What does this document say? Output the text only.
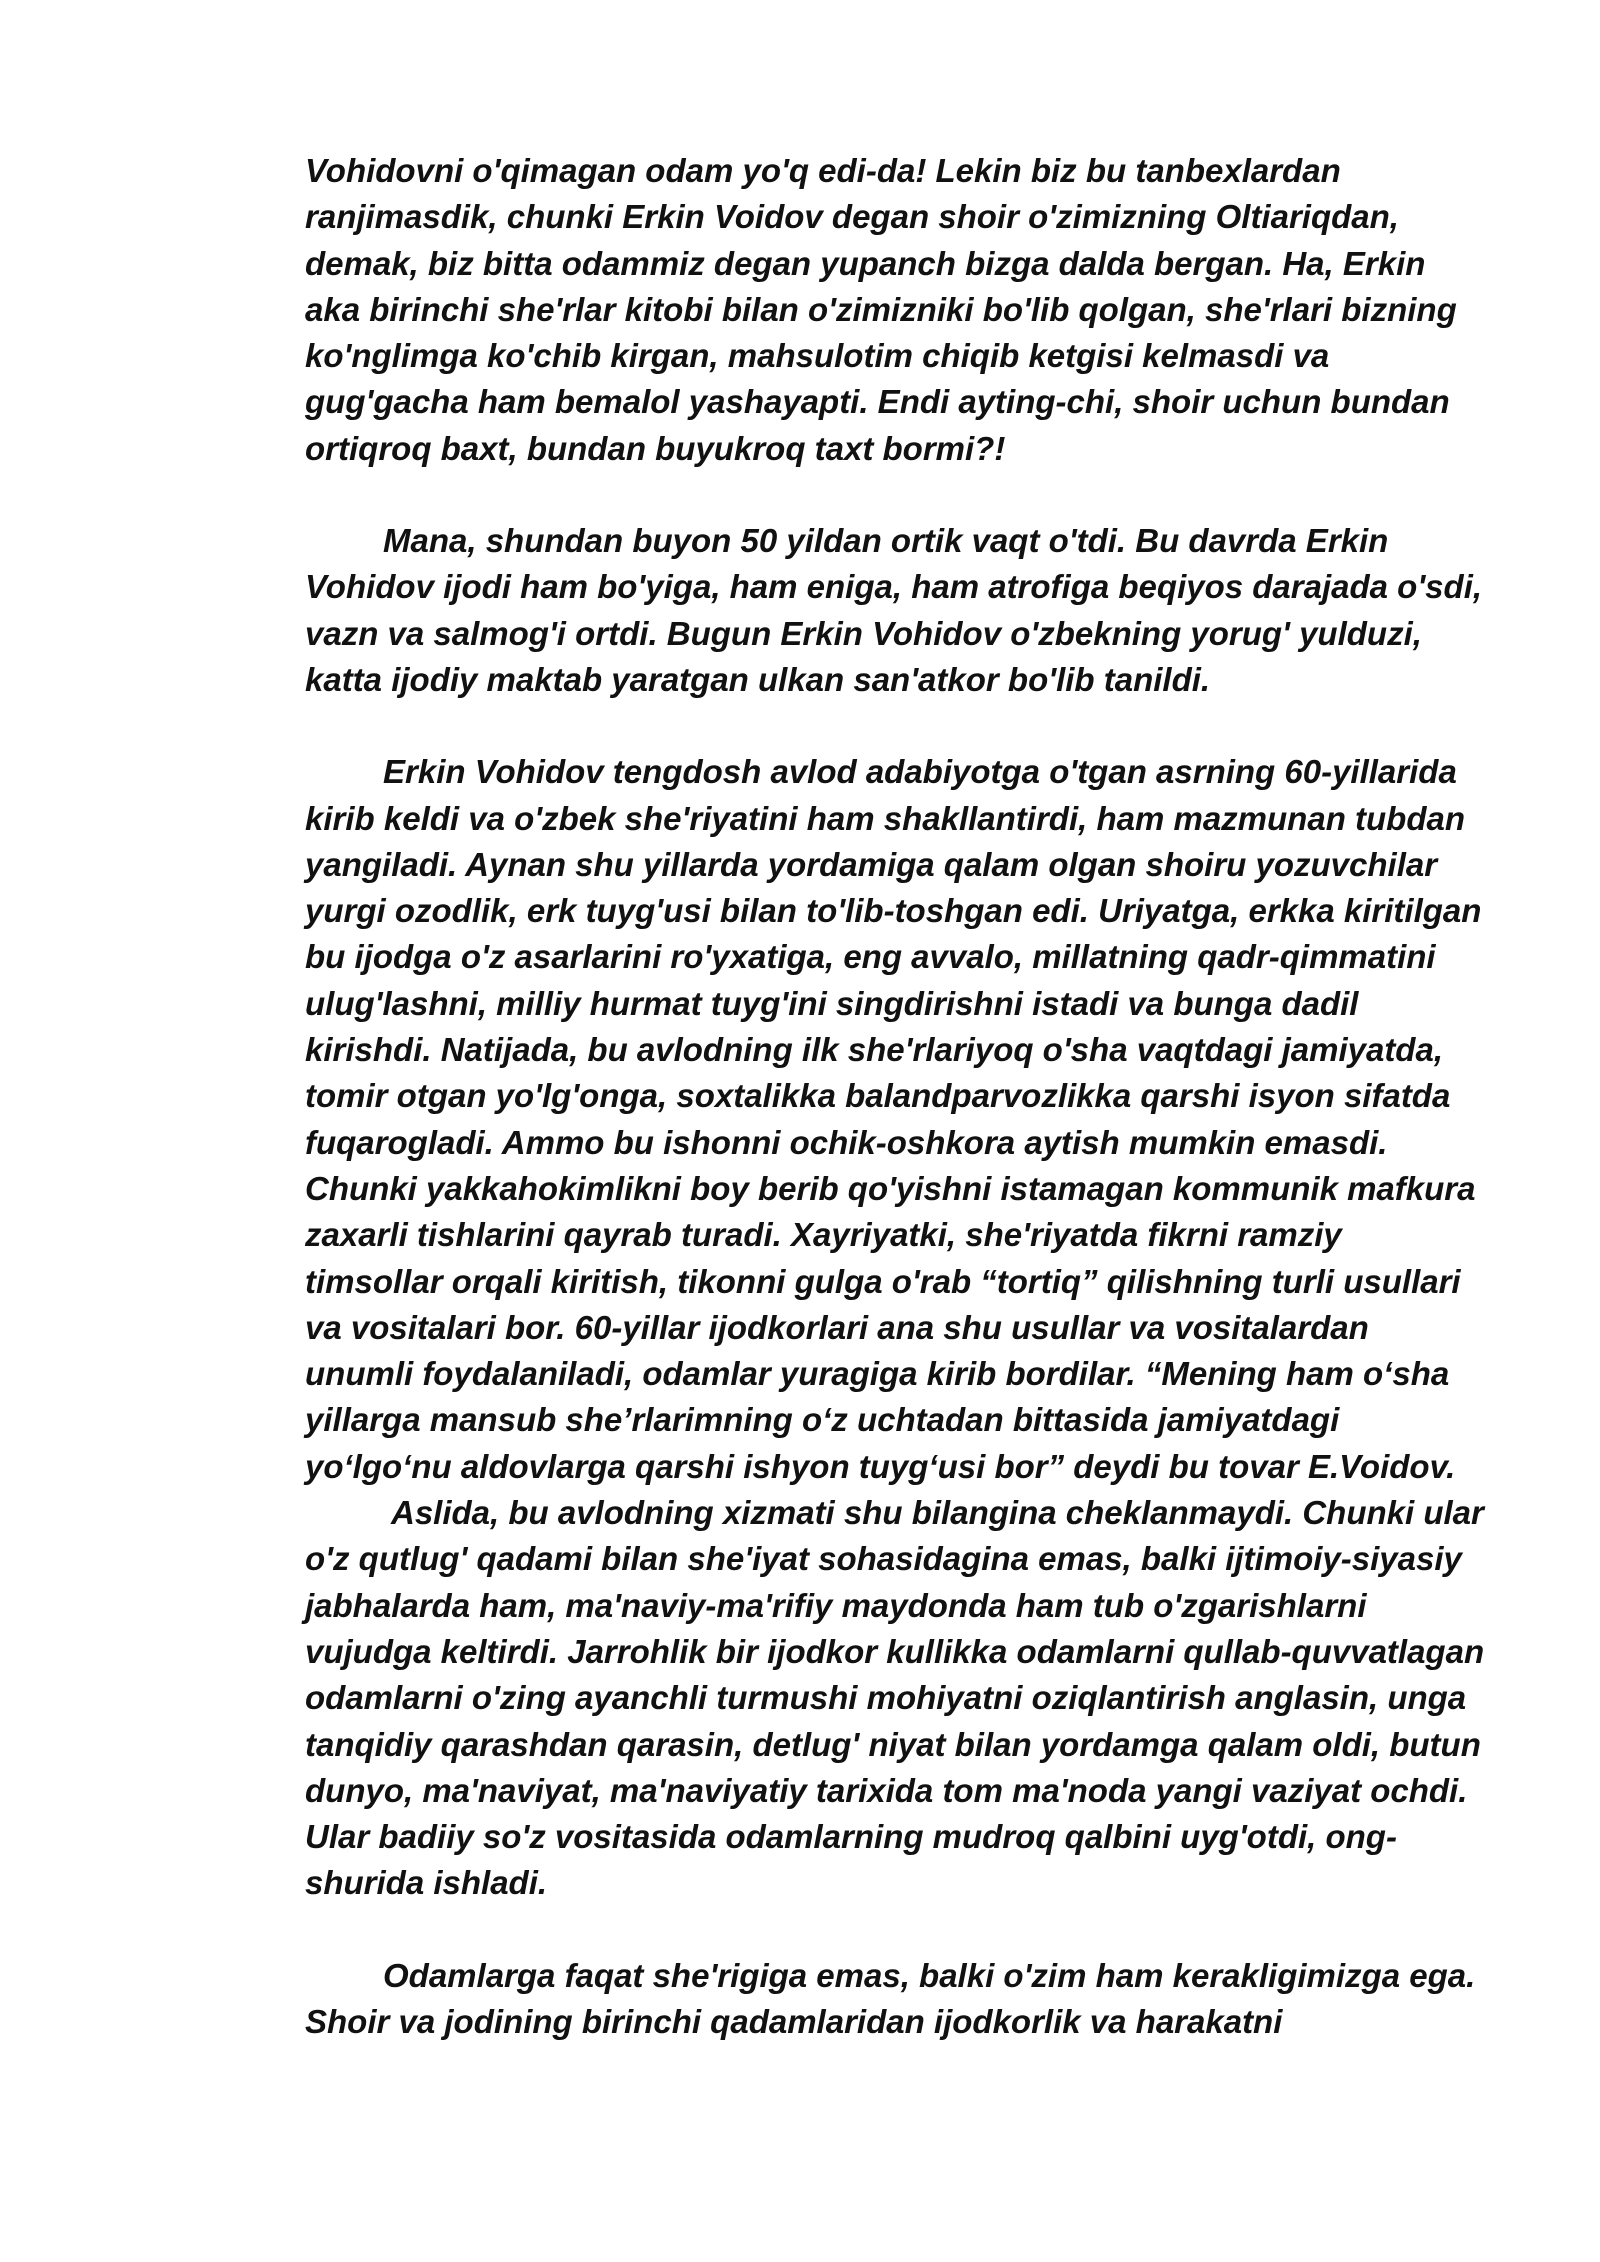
Vohidovni o'qimagan odam yo'q edi-da! Lekin biz bu tanbexlardan ranjimasdik, chunki Erkin Voidov degan shoir o'zimizning Oltiariqdan, demak, biz bitta odammiz degan yupanch bizga dalda bergan. Ha, Erkin aka birinchi she'rlar kitobi bilan o'zimizniki bo'lib qolgan, she'rlari bizning ko'nglimga ko'chib kirgan, mahsulotim chiqib ketgisi kelmasdi va gug'gacha ham bemalol yashayapti. Endi ayting-chi, shoir uchun bundan ortiqroq baxt, bundan buyukroq taxt bormi?!

Mana, shundan buyon 50 yildan ortik vaqt o'tdi. Bu davrda Erkin Vohidov ijodi ham bo'yiga, ham eniga, ham atrofiga beqiyos darajada o'sdi, vazn va salmog'i ortdi. Bugun Erkin Vohidov o'zbekning yorug' yulduzi, katta ijodiy maktab yaratgan ulkan san'atkor bo'lib tanildi.

Erkin Vohidov tengdosh avlod adabiyotga o'tgan asrning 60-yillarida kirib keldi va o'zbek she'riyatini ham shakllantirdi, ham mazmunan tubdan yangiladi. Aynan shu yillarda yordamiga qalam olgan shoiru yozuvchilar yurgi ozodlik, erk tuyg'usi bilan to'lib-toshgan edi. Uriyatga, erkka kiritilgan bu ijodga o'z asarlarini ro'yxatiga, eng avvalo, millatning qadr-qimmatini ulug'lashni, milliy hurmat tuyg'ini singdirishni istadi va bunga dadil kirishdi. Natijada, bu avlodning ilk she'rlariyoq o'sha vaqtdagi jamiyatda, tomir otgan yo'lg'onga, soxtalikka balandparvozlikka qarshi isyon sifatda fuqarogladi. Ammo bu ishonni ochik-oshkora aytish mumkin emasdi. Chunki yakkahokimlikni boy berib qo'yishni istamagan kommunik mafkura zaxarli tishlarini qayrab turadi. Xayriyatki, she'riyatda fikrni ramziy timsollar orqali kiritish, tikonni gulga o'rab “tortiq” qilishning turli usullari va vositalari bor. 60-yillar ijodkorlari ana shu usullar va vositalardan unumli foydalaniladi, odamlar yuragiga kirib bordilar. “Mening ham o‘sha yillarga mansub she’rlarimning o‘z uchtadan bittasida jamiyatdagi yo‘lgo‘nu aldovlarga qarshi ishyon tuyg‘usi bor” deydi bu tovar E.Voidov.

Aslida, bu avlodning xizmati shu bilangina cheklanmaydi. Chunki ular o'z qutlug' qadami bilan she'iyat sohasidagina emas, balki ijtimoiy-siyasiy jabhalarda ham, ma'naviy-ma'rifiy maydonda ham tub o'zgarishlarni vujudga keltirdi. Jarrohlik bir ijodkor kullikka odamlarni qullab-quvvatlagan odamlarni o'zing ayanchli turmushi mohiyatni oziqlantirish anglasin, unga tanqidiy qarashdan qarasin, detlug' niyat bilan yordamga qalam oldi, butun dunyo, ma'naviyat, ma'naviyatiy tarixida tom ma'noda yangi vaziyat ochdi. Ular badiiy so'z vositasida odamlarning mudroq qalbini uyg'otdi, ong-shurida ishladi.

Odamlarga faqat she'rigiga emas, balki o'zim ham kerakligimizga ega. Shoir va jodining birinchi qadamlaridan ijodkorlik va harakatni
